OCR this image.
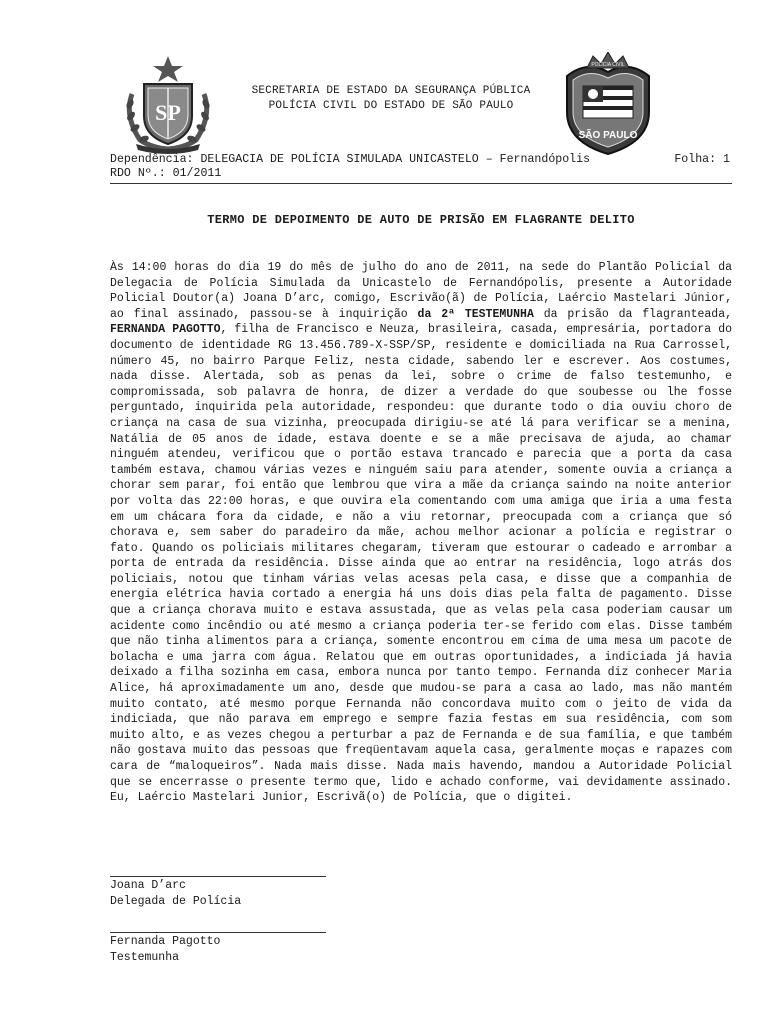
SP
SECRETARIA DE ESTADO DA SEGURANÇA PÚBLICA
POLÍCIA CIVIL DO ESTADO DE SÃO PAULO
POLÍCIA CIVIL
SÃO PAULO
Dependência: DELEGACIA DE POLÍCIA SIMULADA UNICASTELO – Fernandópolis	Folha: 1
RDO Nº.: 01/2011
TERMO DE DEPOIMENTO DE AUTO DE PRISÃO EM FLAGRANTE DELITO
Às 14:00 horas do dia 19 do mês de julho do ano de 2011, na sede do Plantão Policial da Delegacia de Polícia Simulada da Unicastelo de Fernandópolis, presente a Autoridade Policial Doutor(a) Joana D’arc, comigo, Escrivão(ã) de Polícia, Laércio Mastelari Júnior, ao final assinado, passou-se à inquirição da 2ª TESTEMUNHA da prisão da flagranteada, FERNANDA PAGOTTO, filha de Francisco e Neuza, brasileira, casada, empresária, portadora do documento de identidade RG 13.456.789-X-SSP/SP, residente e domiciliada na Rua Carrossel, número 45, no bairro Parque Feliz, nesta cidade, sabendo ler e escrever. Aos costumes, nada disse. Alertada, sob as penas da lei, sobre o crime de falso testemunho, e compromissada, sob palavra de honra, de dizer a verdade do que soubesse ou lhe fosse perguntado, inquirida pela autoridade, respondeu: que durante todo o dia ouviu choro de criança na casa de sua vizinha, preocupada dirigiu-se até lá para verificar se a menina, Natália de 05 anos de idade, estava doente e se a mãe precisava de ajuda, ao chamar ninguém atendeu, verificou que o portão estava trancado e parecia que a porta da casa também estava, chamou várias vezes e ninguém saiu para atender, somente ouvia a criança a chorar sem parar, foi então que lembrou que vira a mãe da criança saindo na noite anterior por volta das 22:00 horas, e que ouvira ela comentando com uma amiga que iria a uma festa em um chácara fora da cidade, e não a viu retornar, preocupada com a criança que só chorava e, sem saber do paradeiro da mãe, achou melhor acionar a polícia e registrar o fato. Quando os policiais militares chegaram, tiveram que estourar o cadeado e arrombar a porta de entrada da residência. Disse ainda que ao entrar na residência, logo atrás dos policiais, notou que tinham várias velas acesas pela casa, e disse que a companhia de energia elétrica havia cortado a energia há uns dois dias pela falta de pagamento. Disse que a criança chorava muito e estava assustada, que as velas pela casa poderiam causar um acidente como incêndio ou até mesmo a criança poderia ter-se ferido com elas. Disse também que não tinha alimentos para a criança, somente encontrou em cima de uma mesa um pacote de bolacha e uma jarra com água. Relatou que em outras oportunidades, a indiciada já havia deixado a filha sozinha em casa, embora nunca por tanto tempo. Fernanda diz conhecer Maria Alice, há aproximadamente um ano, desde que mudou-se para a casa ao lado, mas não mantém muito contato, até mesmo porque Fernanda não concordava muito com o jeito de vida da indiciada, que não parava em emprego e sempre fazia festas em sua residência, com som muito alto, e as vezes chegou a perturbar a paz de Fernanda e de sua família, e que também não gostava muito das pessoas que freqüentavam aquela casa, geralmente moças e rapazes com cara de “maloqueiros”. Nada mais disse. Nada mais havendo, mandou a Autoridade Policial que se encerrasse o presente termo que, lido e achado conforme, vai devidamente assinado. Eu, Laércio Mastelari Junior, Escrivã(o) de Polícia, que o digitei.
Joana D’arc
Delegada de Polícia
Fernanda Pagotto
Testemunha
